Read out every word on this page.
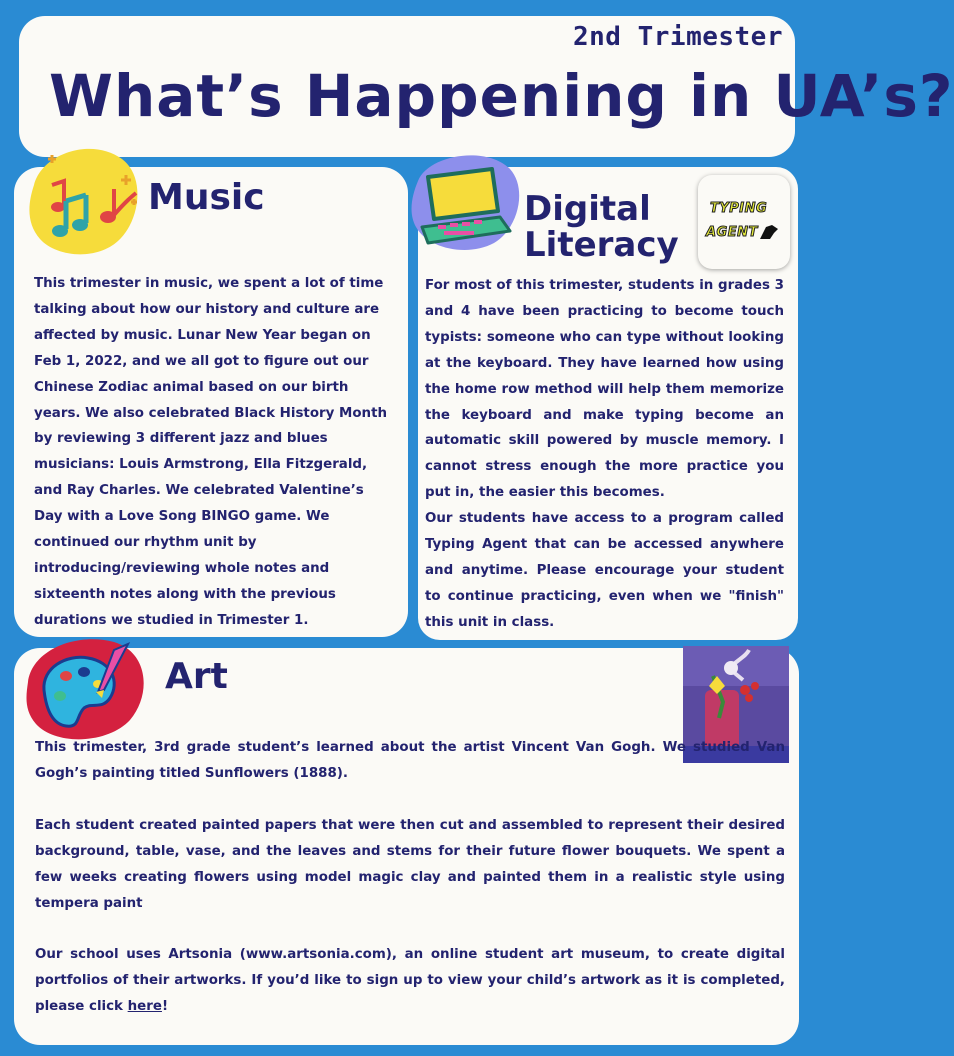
2nd Trimester
What’s Happening in UA’s?
Music

This trimester in music, we spent a lot of time talking about how our history and culture are affected by music. Lunar New Year began on Feb 1, 2022, and we all got to figure out our Chinese Zodiac animal based on our birth years. We also celebrated Black History Month by reviewing 3 different jazz and blues musicians: Louis Armstrong, Ella Fitzgerald, and Ray Charles. We celebrated Valentine’s Day with a Love Song BINGO game. We continued our rhythm unit by introducing/reviewing whole notes and sixteenth notes along with the previous durations we studied in Trimester 1.

Digital
Literacy
TYPING
AGENT

For most of this trimester, students in grades 3 and 4 have been practicing to become touch typists: someone who can type without looking at the keyboard. They have learned how using the home row method will help them memorize the keyboard and make typing become an automatic skill powered by muscle memory. I cannot stress enough the more practice you put in, the easier this becomes.

Our students have access to a program called Typing Agent that can be accessed anywhere and anytime. Please encourage your student to continue practicing, even when we "finish" this unit in class.

Art

This trimester, 3rd grade student’s learned about the artist Vincent Van Gogh. We studied Van Gogh’s painting titled Sunflowers (1888).

Each student created painted papers that were then cut and assembled to represent their desired background, table, vase, and the leaves and stems for their future flower bouquets. We spent a few weeks creating flowers using model magic clay and painted them in a realistic style using tempera paint

Our school uses Artsonia (www.artsonia.com), an online student art museum, to create digital portfolios of their artworks. If you’d like to sign up to view your child’s artwork as it is completed, please click here!
